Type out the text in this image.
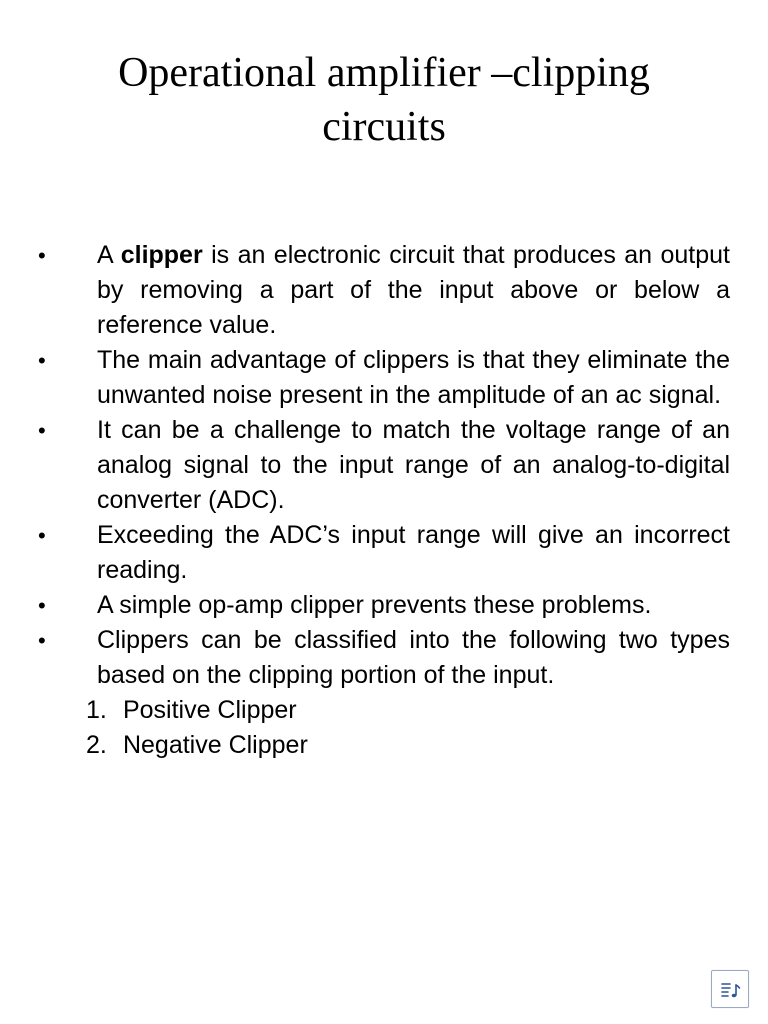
Operational amplifier –clipping circuits
• A clipper is an electronic circuit that produces an output by removing a part of the input above or below a reference value.
• The main advantage of clippers is that they eliminate the unwanted noise present in the amplitude of an ac signal.
• It can be a challenge to match the voltage range of an analog signal to the input range of an analog-to-digital converter (ADC).
• Exceeding the ADC’s input range will give an incorrect reading.
• A simple op-amp clipper prevents these problems.
• Clippers can be classified into the following two types based on the clipping portion of the input.
1. Positive Clipper
2. Negative Clipper
